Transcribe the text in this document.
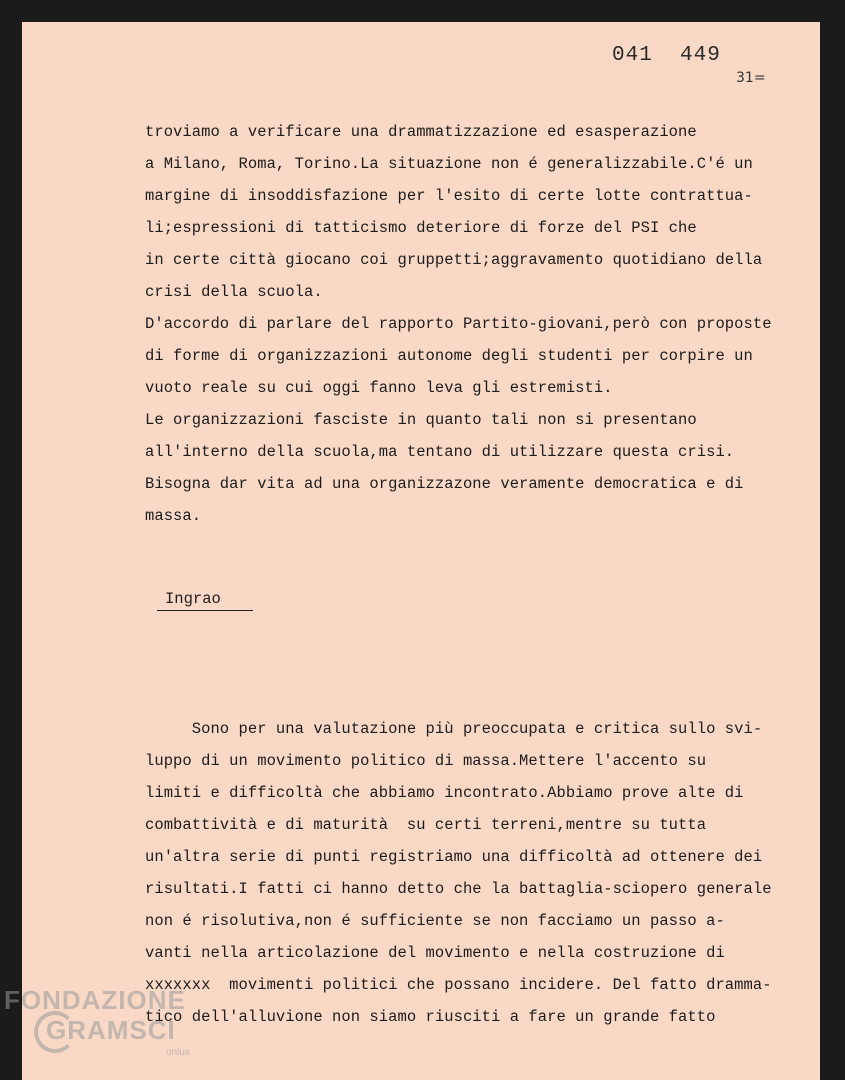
041  449
31=
troviamo a verificare una drammatizzazione ed esasperazione
a Milano, Roma, Torino.La situazione non é generalizzabile.C'é un
margine di insoddisfazione per l'esito di certe lotte contrattua-
li;espressioni di tatticismo deteriore di forze del PSI che
in certe città giocano coi gruppetti;aggravamento quotidiano della
crisi della scuola.
D'accordo di parlare del rapporto Partito-giovani,però con proposte
di forme di organizzazioni autonome degli studenti per corpire un
vuoto reale su cui oggi fanno leva gli estremisti.
Le organizzazioni fasciste in quanto tali non si presentano
all'interno della scuola,ma tentano di utilizzare questa crisi.
Bisogna dar vita ad una organizzazone veramente democratica e di
massa.
Ingrao
Sono per una valutazione più preoccupata e critica sullo svi-
luppo di un movimento politico di massa.Mettere l'accento su
limiti e difficoltà che abbiamo incontrato.Abbiamo prove alte di
combattività e di maturità  su certi terreni,mentre su tutta
un'altra serie di punti registriamo una difficoltà ad ottenere dei
risultati.I fatti ci hanno detto che la battaglia-sciopero generale
non é risolutiva,non é sufficiente se non facciamo un passo a-
vanti nella articolazione del movimento e nella costruzione di
xxxxxxx  movimenti politici che possano incidere. Del fatto dramma-
tico dell'alluvione non siamo riusciti a fare un grande fatto
FONDAZIONE
GRAMSCI
onlus
